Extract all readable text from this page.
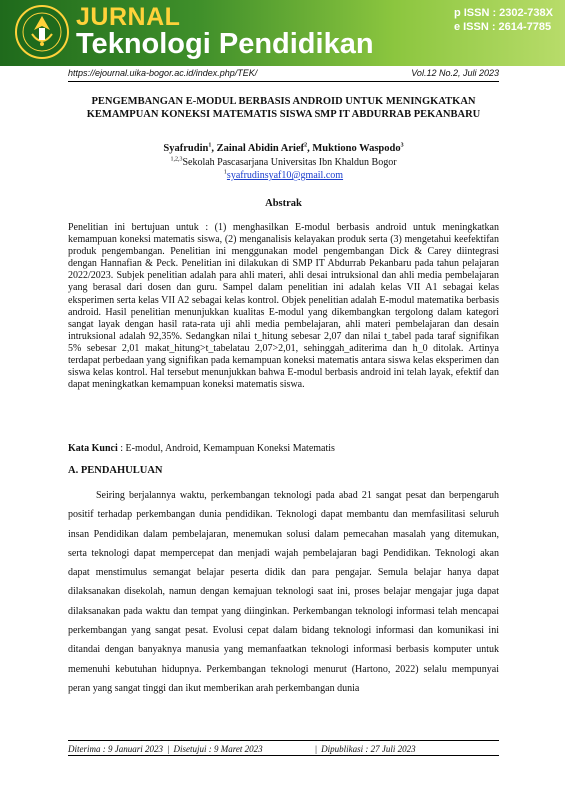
JURNAL
Teknologi Pendidikan
p ISSN : 2302-738X
e ISSN : 2614-7785
https://ejournal.uika-bogor.ac.id/index.php/TEK/	Vol.12 No.2, Juli 2023
PENGEMBANGAN E-MODUL BERBASIS ANDROID UNTUK MENINGKATKAN KEMAMPUAN KONEKSI MATEMATIS SISWA SMP IT ABDURRAB PEKANBARU
Syafrudin$^1$, Zainal Abidin Arief$^2$, Muktiono Waspodo$^3$
$^{1,2,3}$Sekolah Pascasarjana Universitas Ibn Khaldun Bogor
$^1$syafrudinsyaf10@gmail.com
Abstrak
Penelitian ini bertujuan untuk : (1) menghasilkan E-modul berbasis android untuk meningkatkan kemampuan koneksi matematis siswa, (2) menganalisis kelayakan produk serta (3) mengetahui keefektifan produk pengembangan. Penelitian ini menggunakan model pengembangan Dick & Carey diintegrasi dengan Hannafian & Peck. Penelitian ini dilakukan di SMP IT Abdurrab Pekanbaru pada tahun pelajaran 2022/2023. Subjek penelitian adalah para ahli materi, ahli desai intruksional dan ahli media pembelajaran yang berasal dari dosen dan guru. Sampel dalam penelitian ini adalah kelas VII A1 sebagai kelas eksperimen serta kelas VII A2 sebagai kelas kontrol. Objek penelitian adalah E-modul matematika berbasis android. Hasil penelitian menunjukkan kualitas E-modul yang dikembangkan tergolong dalam kategori sangat layak dengan hasil rata-rata uji ahli media pembelajaran, ahli materi pembelajaran dan desain intruksional adalah 92,35%. Sedangkan nilai t_hitung sebesar 2,07 dan nilai t_tabel pada taraf signifikan 5% sebesar 2,01 makat_hitung>t_tabelatau 2,07>2,01, sehinggah_aditerima dan h_0 ditolak. Artinya terdapat perbedaan yang signifikan pada kemampuan koneksi matematis antara siswa kelas eksperimen dan siswa kelas kontrol. Hal tersebut menunjukkan bahwa E-modul berbasis android ini telah layak, efektif dan dapat meningkatkan kemampuan koneksi matematis siswa.
Kata Kunci : E-modul, Android, Kemampuan Koneksi Matematis
A. PENDAHULUAN

Seiring berjalannya waktu, perkembangan teknologi pada abad 21 sangat pesat dan berpengaruh positif terhadap perkembangan dunia pendidikan. Teknologi dapat membantu dan memfasilitasi seluruh insan Pendidikan dalam pembelajaran, menemukan solusi dalam pemecahan masalah yang ditemukan, serta teknologi dapat mempercepat dan menjadi wajah pembelajaran bagi Pendidikan. Teknologi akan dapat menstimulus semangat belajar peserta didik dan para pengajar. Semula belajar hanya dapat dilaksanakan disekolah, namun dengan kemajuan teknologi saat ini, proses belajar mengajar juga dapat dilaksanakan pada waktu dan tempat yang diinginkan. Perkembangan teknologi informasi telah mencapai perkembangan yang sangat pesat. Evolusi cepat dalam bidang teknologi informasi dan komunikasi ini ditandai dengan banyaknya manusia yang memanfaatkan teknologi informasi berbasis komputer untuk memenuhi kebutuhan hidupnya. Perkembangan teknologi menurut (Hartono, 2022) selalu mempunyai peran yang sangat tinggi dan ikut memberikan arah perkembangan dunia

Diterima : 9 Januari 2023 | Disetujui : 9 Maret 2023	| Dipublikasi : 27 Juli 2023
